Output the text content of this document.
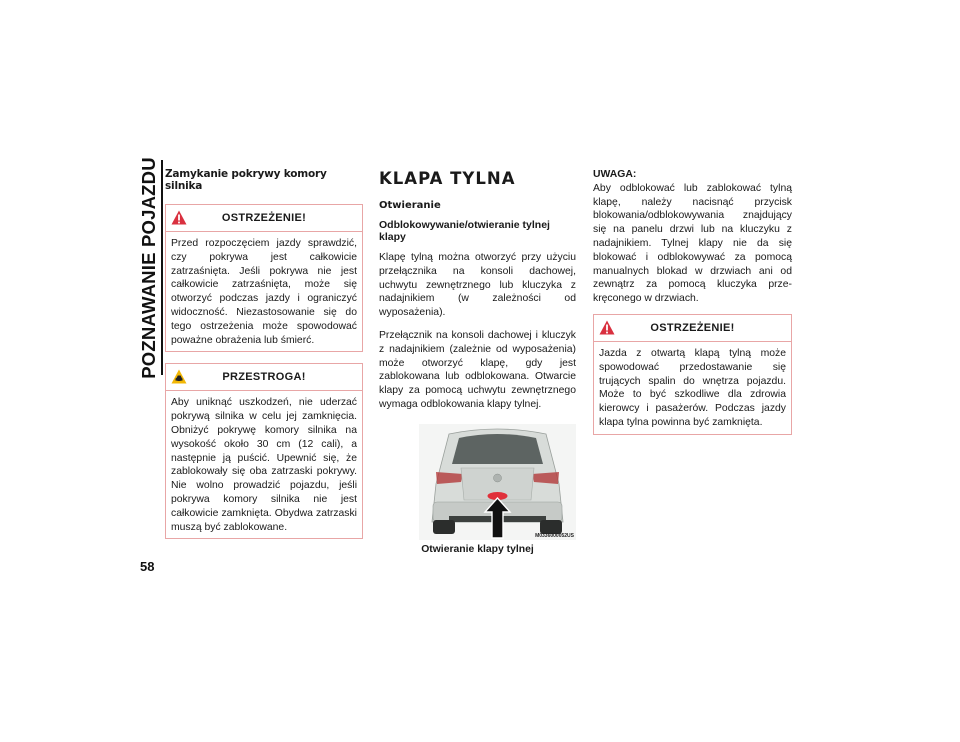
POZNAWANIE POJAZDU
58
Zamykanie pokrywy komory silnika
OSTRZEŻENIE!
Przed rozpoczęciem jazdy sprawdzić, czy pokrywa jest całkowicie zatrzaśnięta. Jeśli pokrywa nie jest całkowicie zatrzaśnięta, może się otworzyć podczas jazdy i ograniczyć widoczność. Niezastosowanie się do tego ostrzeżenia może spowodować poważne obrażenia lub śmierć.
PRZESTROGA!
Aby uniknąć uszkodzeń, nie uderzać pokrywą silnika w celu jej zamknięcia. Obniżyć pokrywę komory silnika na wysokość około 30 cm (12 cali), a następnie ją puścić. Upewnić się, że zablokowały się oba zatrzaski pokrywy. Nie wolno prowadzić pojazdu, jeśli pokrywa komory silnika nie jest całkowicie zamknięta. Obydwa zatrzaski muszą być zablokowane.
KLAPA TYLNA
Otwieranie
Odblokowywanie/otwieranie tylnej klapy

Klapę tylną można otworzyć przy użyciu przełącznika na konsoli dachowej, uchwytu zewnętrznego lub kluczyka z nadajnikiem (w zależności od wyposażenia).

Przełącznik na konsoli dachowej i kluczyk z nadajnikiem (zależnie od wyposażenia) może otworzyć klapę, gdy jest zablokowana lub odblokowana. Otwarcie klapy za pomocą uchwytu zewnętrznego wymaga odblokowania klapy tylnej.

M0336000052US
Otwieranie klapy tylnej
UWAGA:

Aby odblokować lub zablokować tylną klapę, należy nacisnąć przycisk blokowania/odblokowywania znajdujący się na panelu drzwi lub na kluczyku z nadajnikiem. Tylnej klapy nie da się blokować i odblokowywać za pomocą manualnych blokad w drzwiach ani od zewnątrz za pomocą kluczyka prze-kręconego w drzwiach.

OSTRZEŻENIE!
Jazda z otwartą klapą tylną może spowodować przedostawanie się trujących spalin do wnętrza pojazdu. Może to być szkodliwe dla zdrowia kierowcy i pasażerów. Podczas jazdy klapa tylna powinna być zamknięta.
